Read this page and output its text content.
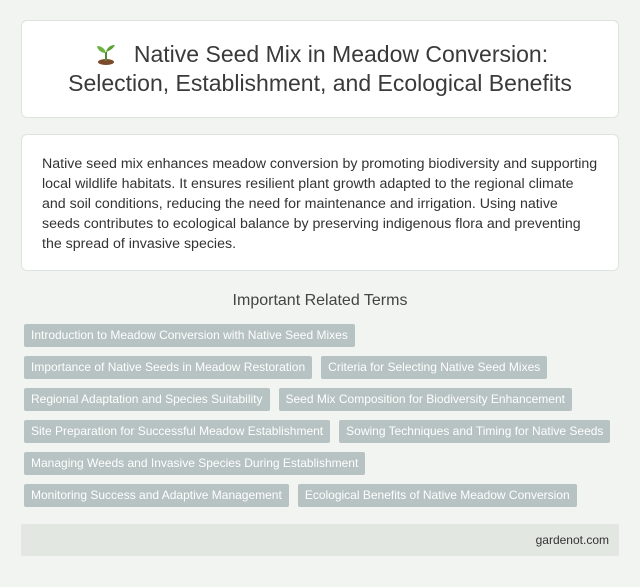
Native Seed Mix in Meadow Conversion: Selection, Establishment, and Ecological Benefits

Native seed mix enhances meadow conversion by promoting biodiversity and supporting local wildlife habitats. It ensures resilient plant growth adapted to the regional climate and soil conditions, reducing the need for maintenance and irrigation. Using native seeds contributes to ecological balance by preserving indigenous flora and preventing the spread of invasive species.

Important Related Terms
Introduction to Meadow Conversion with Native Seed Mixes
Importance of Native Seeds in Meadow Restoration	Criteria for Selecting Native Seed Mixes
Regional Adaptation and Species Suitability	Seed Mix Composition for Biodiversity Enhancement
Site Preparation for Successful Meadow Establishment	Sowing Techniques and Timing for Native Seeds
Managing Weeds and Invasive Species During Establishment
Monitoring Success and Adaptive Management	Ecological Benefits of Native Meadow Conversion
gardenot.com
